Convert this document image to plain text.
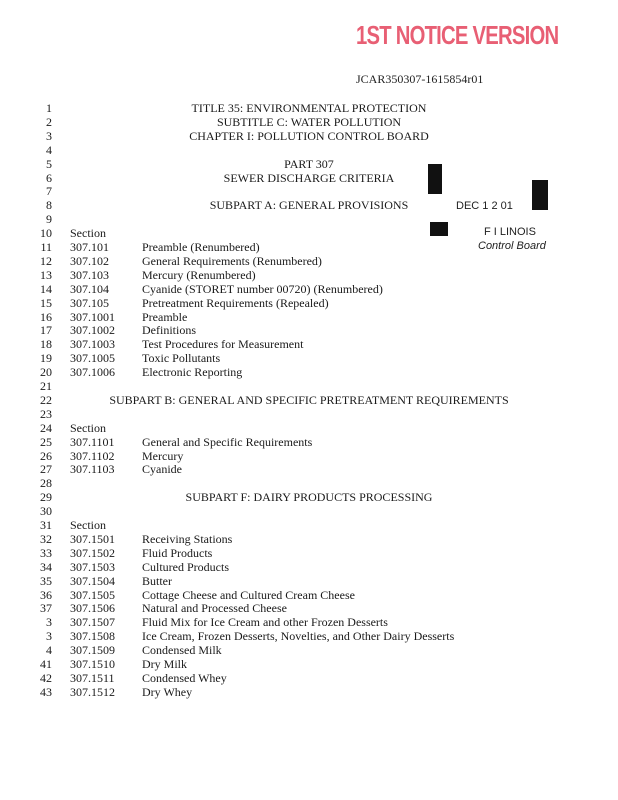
1ST NOTICE VERSION
JCAR350307-1615854r01
DEC 1 2 01
F I LINOIS
Control Board
1	TITLE 35: ENVIRONMENTAL PROTECTION
2	SUBTITLE C: WATER POLLUTION
3	CHAPTER I: POLLUTION CONTROL BOARD
4
5	PART 307
6	SEWER DISCHARGE CRITERIA
7
8	SUBPART A: GENERAL PROVISIONS
9
10 Section
11 307.101	Preamble (Renumbered)
12 307.102	General Requirements (Renumbered)
13 307.103	Mercury (Renumbered)
14 307.104	Cyanide (STORET number 00720) (Renumbered)
15 307.105	Pretreatment Requirements (Repealed)
16 307.1001 Preamble
17 307.1002 Definitions
18 307.1003 Test Procedures for Measurement
19 307.1005 Toxic Pollutants
20 307.1006 Electronic Reporting
21
22	SUBPART B: GENERAL AND SPECIFIC PRETREATMENT REQUIREMENTS
23
24 Section
25 307.1101 General and Specific Requirements
26 307.1102 Mercury
27 307.1103 Cyanide
28
29	SUBPART F: DAIRY PRODUCTS PROCESSING
30
31 Section
32 307.1501 Receiving Stations
33 307.1502 Fluid Products
34 307.1503 Cultured Products
35 307.1504 Butter
36 307.1505 Cottage Cheese and Cultured Cream Cheese
37 307.1506 Natural and Processed Cheese
3 307.1507 Fluid Mix for Ice Cream and other Frozen Desserts
3 307.1508 Ice Cream, Frozen Desserts, Novelties, and Other Dairy Desserts
4 307.1509 Condensed Milk
41 307.1510 Dry Milk
42 307.1511 Condensed Whey
43 307.1512 Dry Whey
